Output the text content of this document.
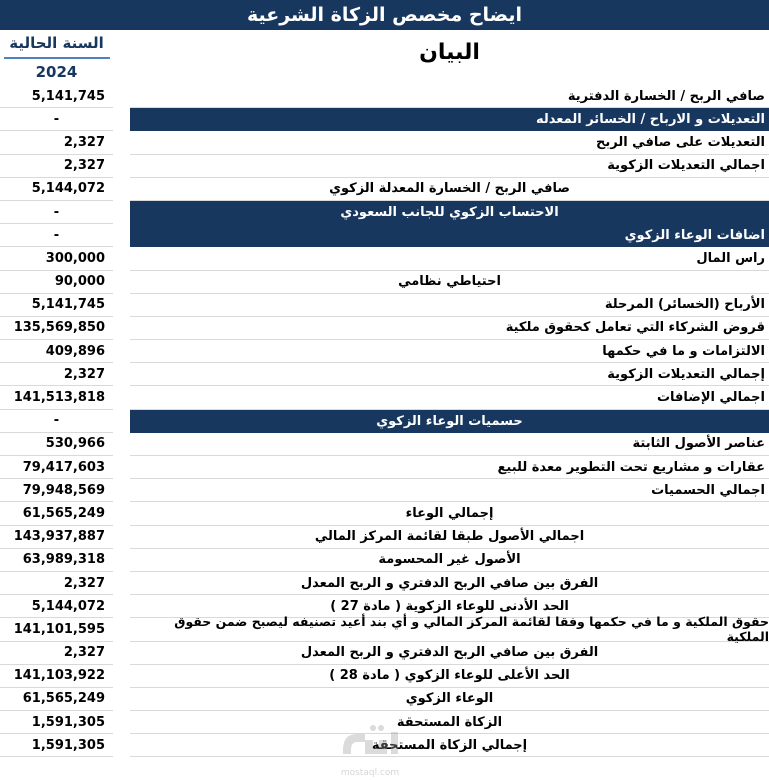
ايضاح مخصص الزكاة الشرعية
السنة الحالية
2024
البيان
5,141,745	صافي الربح / الخسارة الدفترية
-	التعديلات و الارباح / الخسائر المعدله
2,327	التعديلات على صافي الربح
2,327	اجمالي التعديلات الزكوية
5,144,072	صافي الربح / الخسارة المعدلة الزكوي
-	الاحتساب الزكوي للجانب السعودي
-	اضافات الوعاء الزكوي
300,000	راس المال
90,000	احتياطي نظامي
5,141,745	الأرباح (الخسائر) المرحلة
135,569,850	قروض الشركاء التي تعامل كحقوق ملكية
409,896	الالتزامات و ما في حكمها
2,327	إجمالي التعديلات الزكوية
141,513,818	اجمالي الإضافات
-	حسميات الوعاء الزكوي
530,966	عناصر الأصول الثابتة
79,417,603	عقارات و مشاريع تحت التطوير معدة للبيع
79,948,569	اجمالي الحسميات
61,565,249	إجمالي الوعاء
143,937,887	اجمالي الأصول طبقا لقائمة المركز المالي
63,989,318	الأصول غير المحسومة
2,327	الفرق بين صافي الربح الدفتري و الربح المعدل
5,144,072	الحد الأدنى للوعاء الزكوية ( مادة 27 )
141,101,595	حقوق الملكية و ما في حكمها وفقا لقائمة المركز المالي و أي بند أعيد تصنيفه ليصبح ضمن حقوق الملكية
2,327	الفرق بين صافي الربح الدفتري و الربح المعدل
141,103,922	الحد الأعلى للوعاء الزكوي ( مادة 28 )
61,565,249	الوعاء الزكوي
1,591,305	الزكاة المستحقة
1,591,305	إجمالي الزكاة المستحقة
mostaql.com
